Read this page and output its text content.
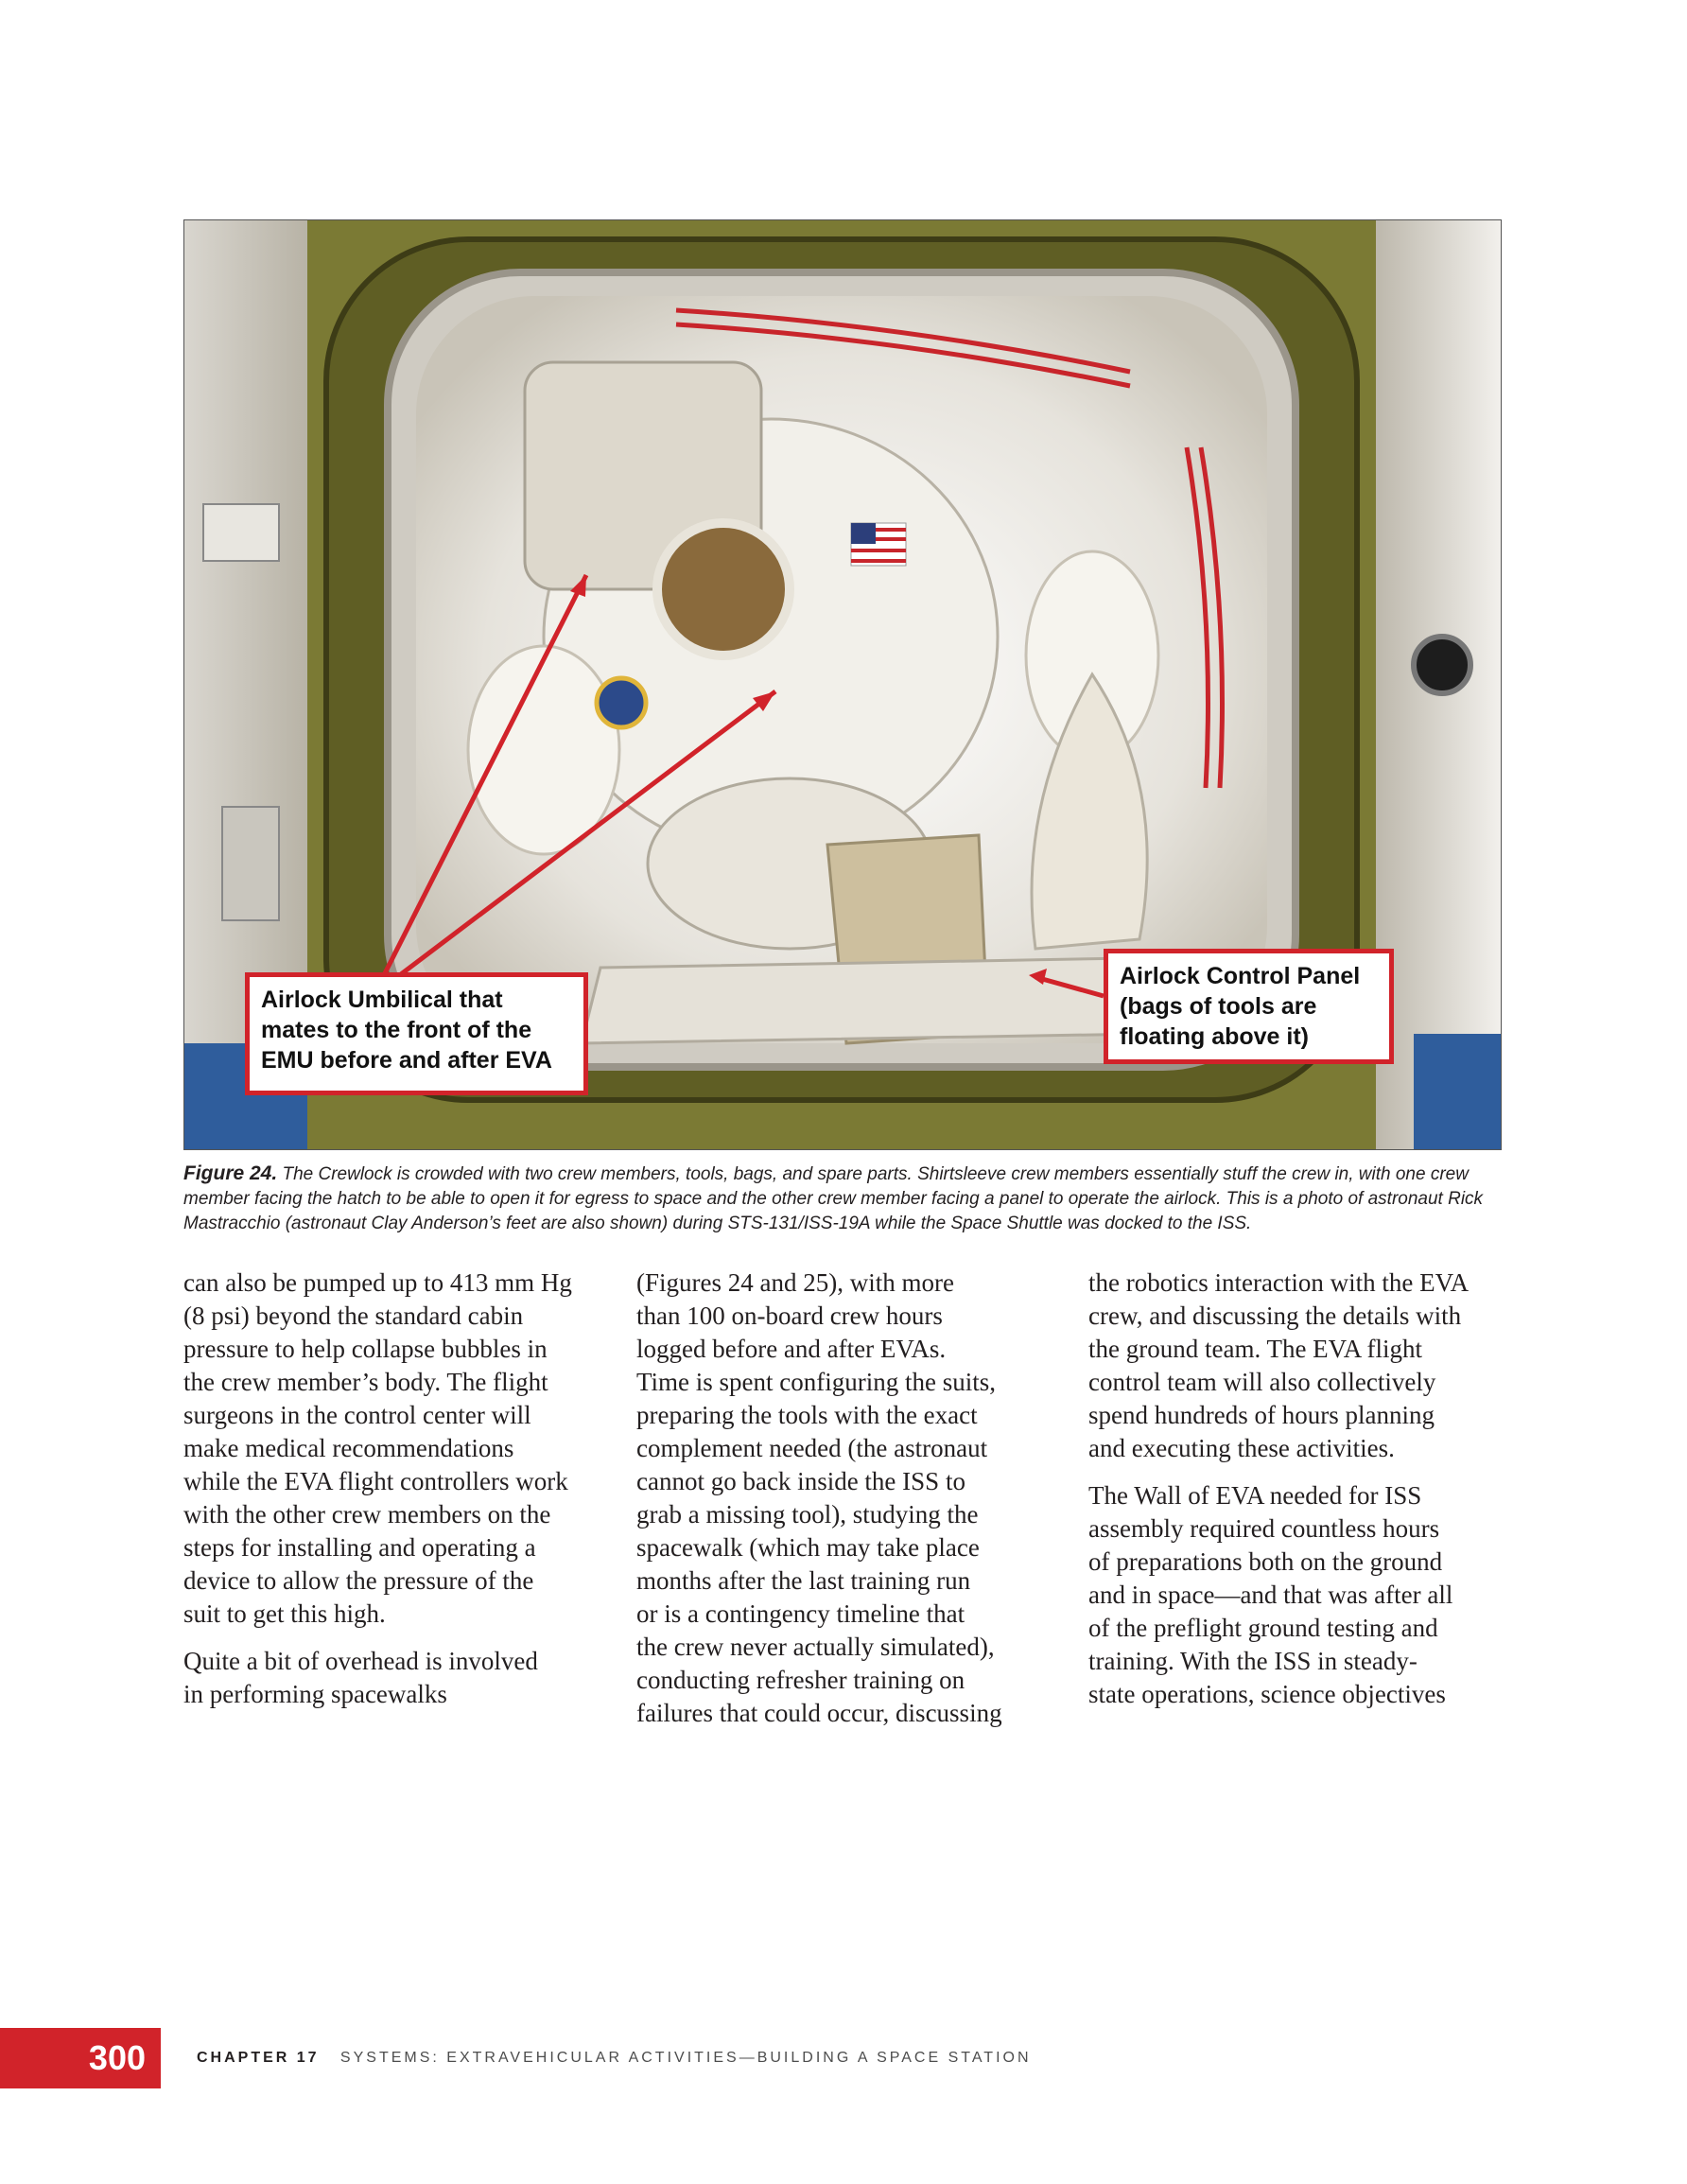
Airlock Umbilical that
mates to the front of the
EMU before and after EVA
Airlock Control Panel
(bags of tools are
floating above it)
Figure 24. The Crewlock is crowded with two crew members, tools, bags, and spare parts. Shirtsleeve crew members essentially stuff the crew in, with one crew member facing the hatch to be able to open it for egress to space and the other crew member facing a panel to operate the airlock. This is a photo of astronaut Rick Mastracchio (astronaut Clay Anderson’s feet are also shown) during STS-131/ISS-19A while the Space Shuttle was docked to the ISS.

can also be pumped up to 413 mm Hg
(8 psi) beyond the standard cabin
pressure to help collapse bubbles in
the crew member’s body. The flight
surgeons in the control center will
make medical recommendations
while the EVA flight controllers work
with the other crew members on the
steps for installing and operating a
device to allow the pressure of the
suit to get this high.

Quite a bit of overhead is involved
in performing spacewalks

(Figures 24 and 25), with more
than 100 on-board crew hours
logged before and after EVAs.
Time is spent configuring the suits,
preparing the tools with the exact
complement needed (the astronaut
cannot go back inside the ISS to
grab a missing tool), studying the
spacewalk (which may take place
months after the last training run
or is a contingency timeline that
the crew never actually simulated),
conducting refresher training on
failures that could occur, discussing

the robotics interaction with the EVA
crew, and discussing the details with
the ground team. The EVA flight
control team will also collectively
spend hundreds of hours planning
and executing these activities.

The Wall of EVA needed for ISS
assembly required countless hours
of preparations both on the ground
and in space—and that was after all
of the preflight ground testing and
training. With the ISS in steady-
state operations, science objectives

300	CHAPTER 17 SYSTEMS: EXTRAVEHICULAR ACTIVITIES—BUILDING A SPACE STATION
